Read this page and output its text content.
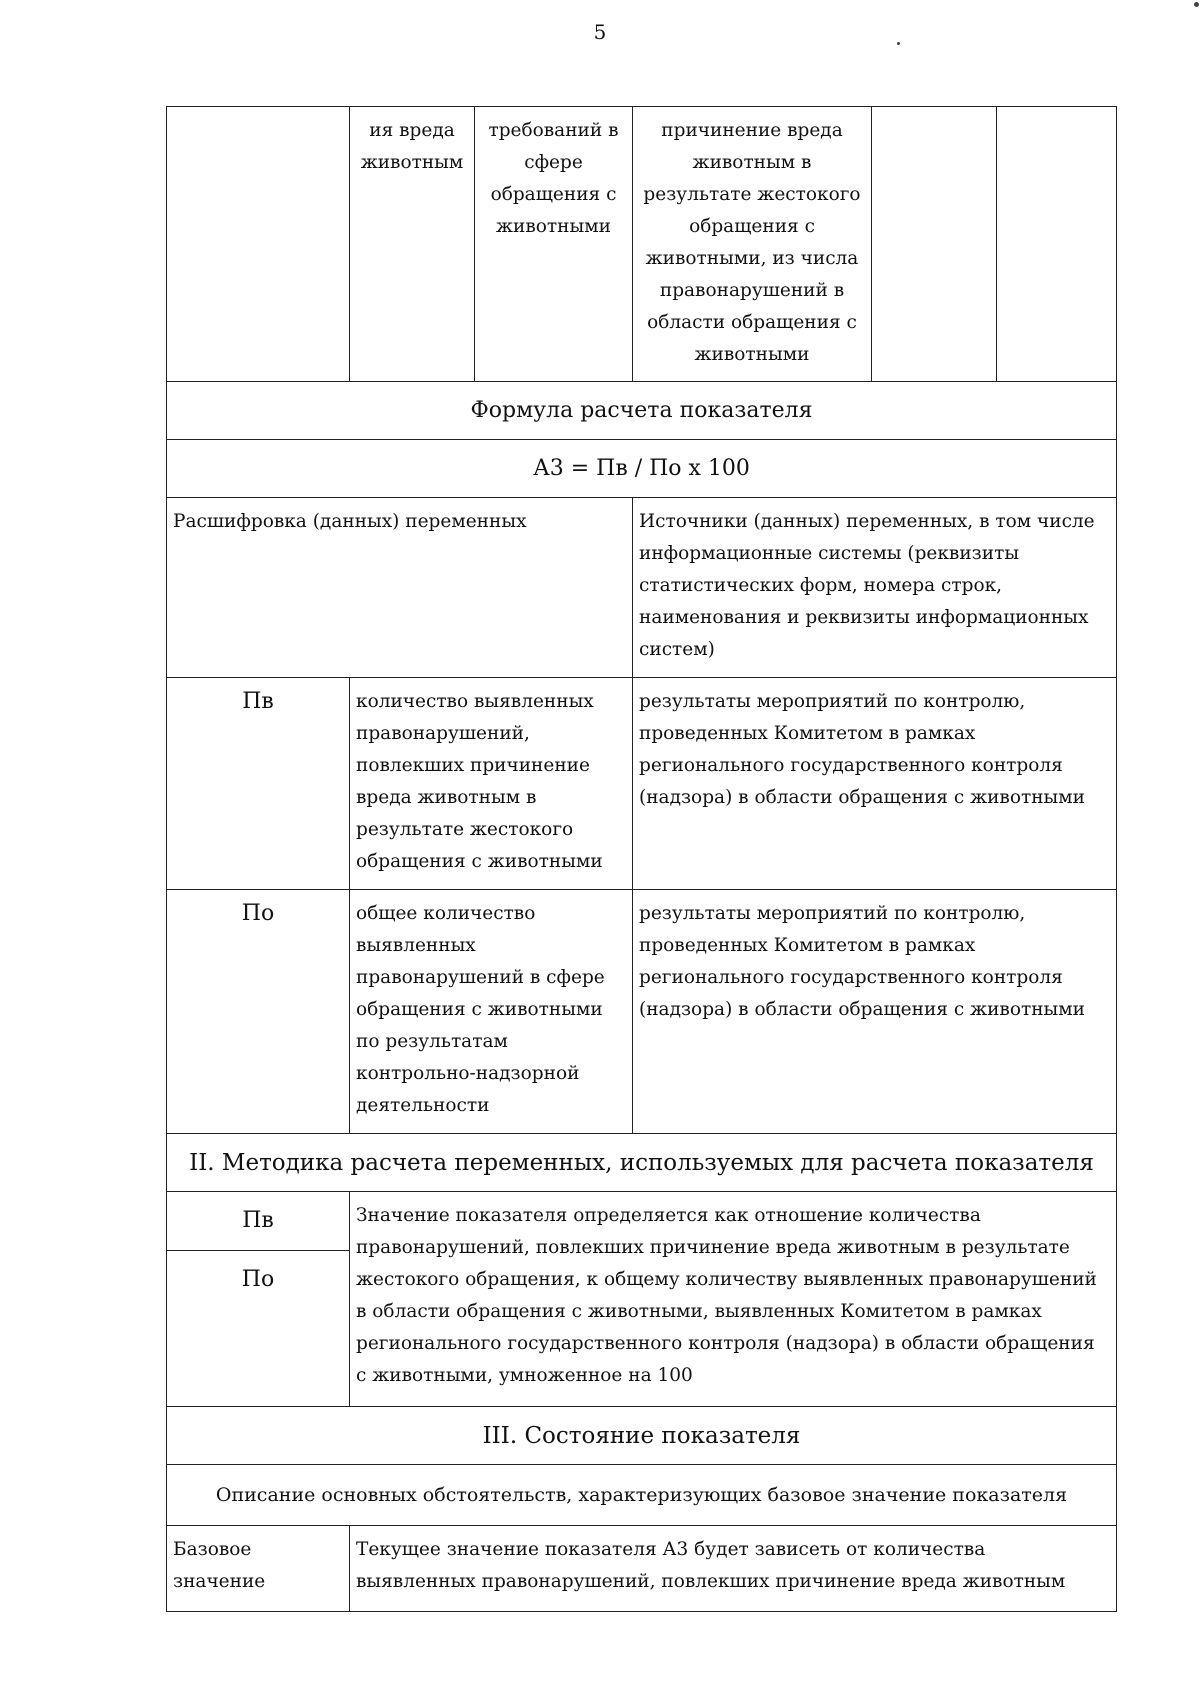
5
	ия вреда животным	требований в сфере обращения с животными	причинение вреда животным в результате жестокого обращения с животными, из числа правонарушений в области обращения с животными		
Формула расчета показателя					
А3 = Пв / По х 100					
Расшифровка (данных) переменных			Источники (данных) переменных, в том числе информационные системы (реквизиты статистических форм, номера строк, наименования и реквизиты информационных систем)		
Пв	количество выявленных правонарушений, повлекших причинение вреда животным в результате жестокого обращения с животными		результаты мероприятий по контролю, проведенных Комитетом в рамках регионального государственного контроля (надзора) в области обращения с животными		
По	общее количество выявленных правонарушений в сфере обращения с животными по результатам контрольно-надзорной деятельности		результаты мероприятий по контролю, проведенных Комитетом в рамках регионального государственного контроля (надзора) в области обращения с животными		
II. Методика расчета переменных, используемых для расчета показателя					

Пв
По	Значение показателя определяется как отношение количества правонарушений, повлекших причинение вреда животным в результате жестокого обращения, к общему количеству выявленных правонарушений в области обращения с животными, выявленных Комитетом в рамках регионального государственного контроля (надзора) в области обращения с животными, умноженное на 100				
III. Состояние показателя					
Описание основных обстоятельств, характеризующих базовое значение показателя					
Базовое значение	Текущее значение показателя А3 будет зависеть от количества выявленных правонарушений, повлекших причинение вреда животным				
